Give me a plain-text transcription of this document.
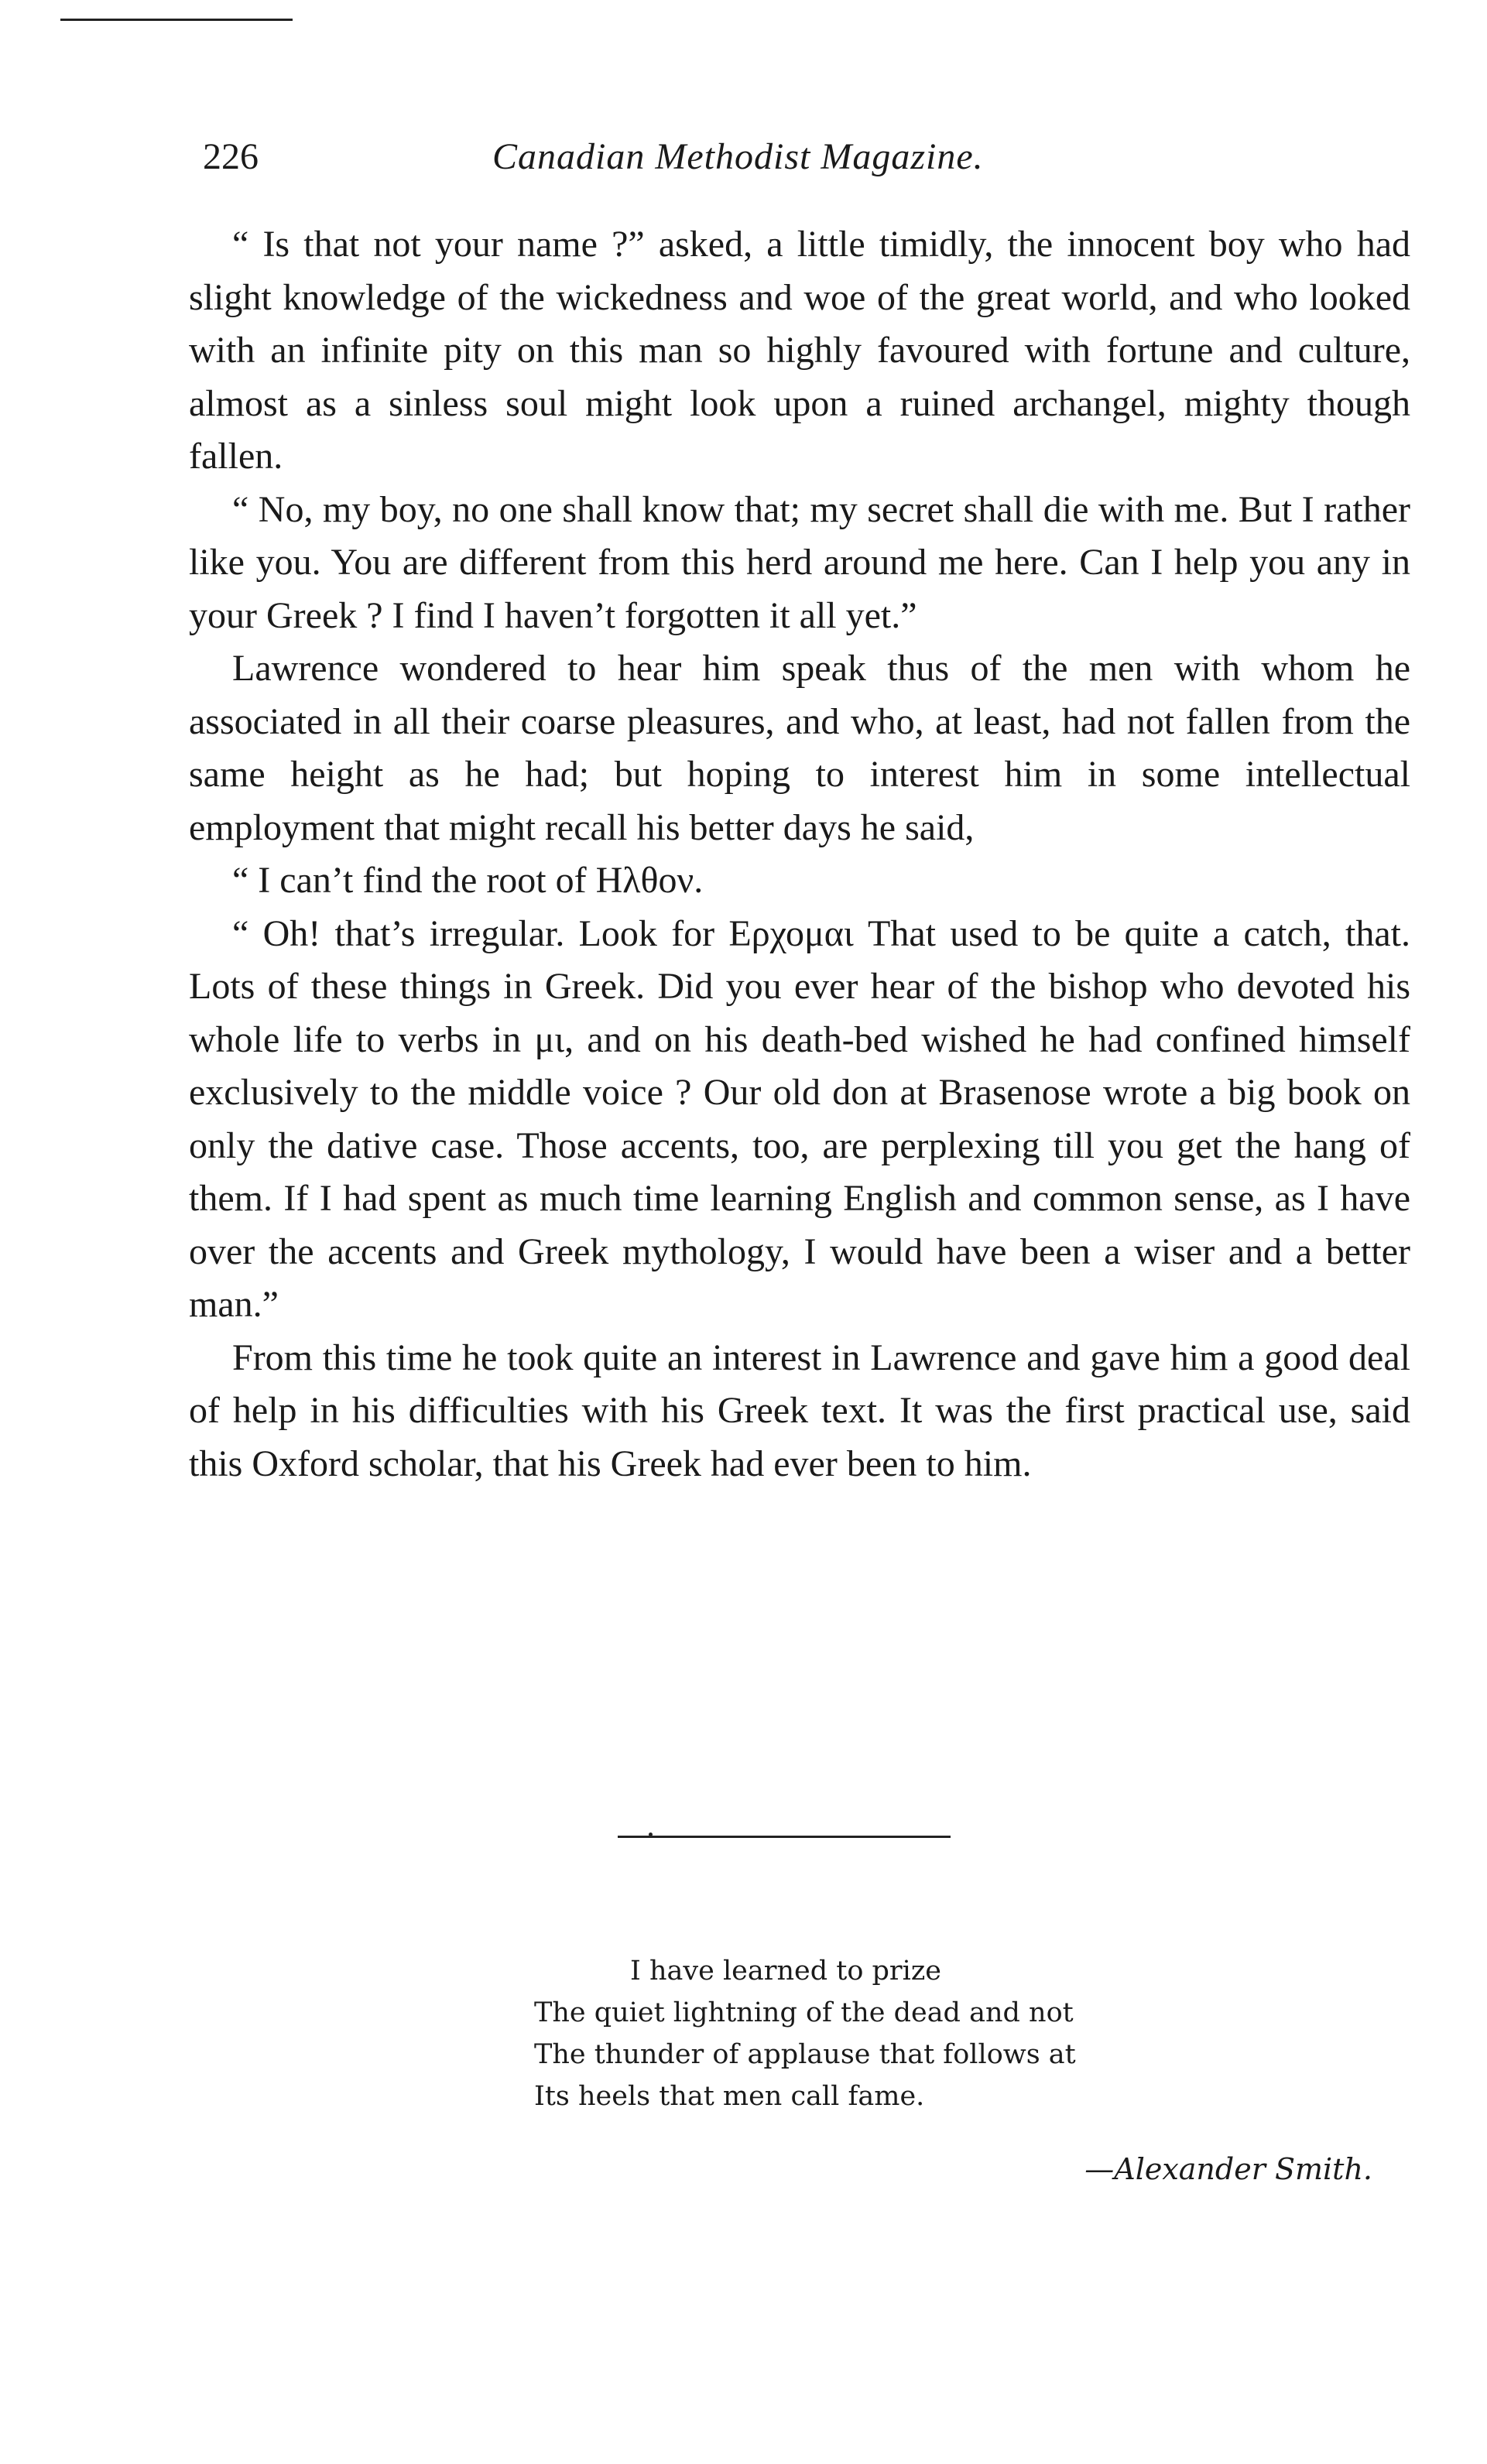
226	Canadian Methodist Magazine.

“ Is that not your name ?” asked, a little timidly, the innocent boy who had slight knowledge of the wickedness and woe of the great world, and who looked with an infinite pity on this man so highly favoured with fortune and culture, almost as a sinless soul might look upon a ruined archangel, mighty though fallen.

“ No, my boy, no one shall know that; my secret shall die with me. But I rather like you. You are different from this herd around me here. Can I help you any in your Greek ? I find I haven’t forgotten it all yet.”

Lawrence wondered to hear him speak thus of the men with whom he associated in all their coarse pleasures, and who, at least, had not fallen from the same height as he had; but hoping to interest him in some intellectual employment that might recall his better days he said,

“ I can’t find the root of Ηλθον.

“ Oh! that’s irregular. Look for Ερχομαι That used to be quite a catch, that. Lots of these things in Greek. Did you ever hear of the bishop who devoted his whole life to verbs in μι, and on his death-bed wished he had confined himself exclusively to the middle voice ? Our old don at Brasenose wrote a big book on only the dative case. Those accents, too, are perplexing till you get the hang of them. If I had spent as much time learning English and common sense, as I have over the accents and Greek mythology, I would have been a wiser and a better man.”

From this time he took quite an interest in Lawrence and gave him a good deal of help in his difficulties with his Greek text. It was the first practical use, said this Oxford scholar, that his Greek had ever been to him.

I have learned to prize
The quiet lightning of the dead and not
The thunder of applause that follows at
Its heels that men call fame.
—Alexander Smith.
